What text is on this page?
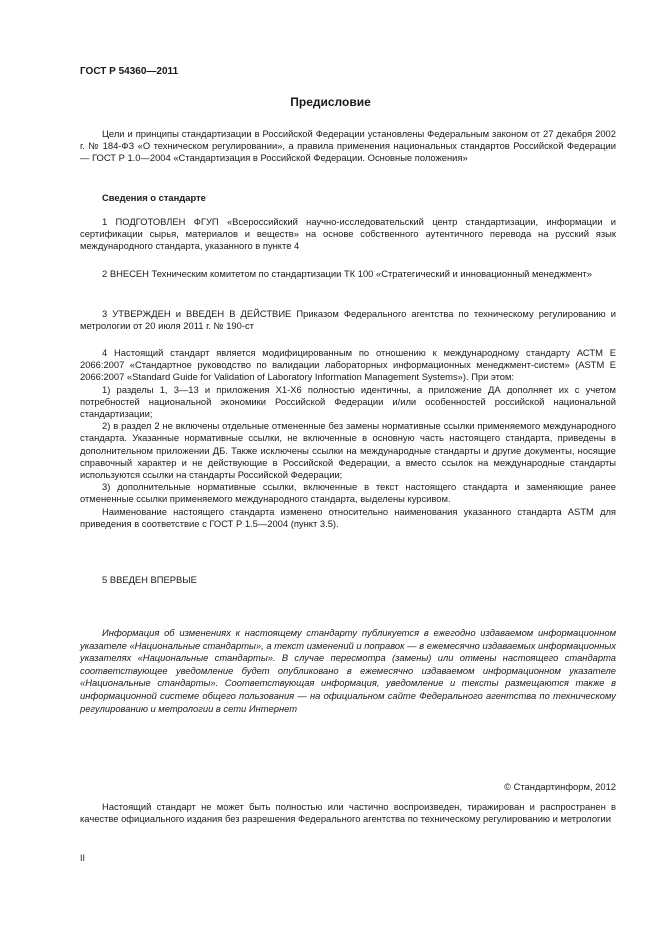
ГОСТ Р 54360—2011
Предисловие

Цели и принципы стандартизации в Российской Федерации установлены Федеральным законом от 27 декабря 2002 г. № 184-ФЗ «О техническом регулировании», а правила применения национальных стандартов Российской Федерации — ГОСТ Р 1.0—2004 «Стандартизация в Российской Федерации. Основные положения»

Сведения о стандарте

1 ПОДГОТОВЛЕН ФГУП «Всероссийский научно-исследовательский центр стандартизации, информации и сертификации сырья, материалов и веществ» на основе собственного аутентичного перевода на русский язык международного стандарта, указанного в пункте 4

2 ВНЕСЕН Техническим комитетом по стандартизации ТК 100 «Стратегический и инновационный менеджмент»

3 УТВЕРЖДЕН и ВВЕДЕН В ДЕЙСТВИЕ Приказом Федерального агентства по техническому регулированию и метрологии от 20 июля 2011 г. № 190-ст

4 Настоящий стандарт является модифицированным по отношению к международному стандарту АСТМ Е 2066:2007 «Стандартное руководство по валидации лабораторных информационных менеджмент-систем» (ASTM E 2066:2007 «Standard Guide for Validation of Laboratory Information Management Systems»). При этом:

1) разделы 1, 3—13 и приложения Х1-Х6 полностью идентичны, а приложение ДА дополняет их с учетом потребностей национальной экономики Российской Федерации и/или особенностей российской национальной стандартизации;

2) в раздел 2 не включены отдельные отмененные без замены нормативные ссылки применяемого международного стандарта. Указанные нормативные ссылки, не включенные в основную часть настоящего стандарта, приведены в дополнительном приложении ДБ. Также исключены ссылки на международные стандарты и другие документы, носящие справочный характер и не действующие в Российской Федерации, а вместо ссылок на международные стандарты используются ссылки на стандарты Российской Федерации;

3) дополнительные нормативные ссылки, включенные в текст настоящего стандарта и заменяющие ранее отмененные ссылки применяемого международного стандарта, выделены курсивом.

Наименование настоящего стандарта изменено относительно наименования указанного стандарта ASTM для приведения в соответствие с ГОСТ Р 1.5—2004 (пункт 3.5).

5 ВВЕДЕН ВПЕРВЫЕ

Информация об изменениях к настоящему стандарту публикуется в ежегодно издаваемом информационном указателе «Национальные стандарты», а текст изменений и поправок — в ежемесячно издаваемых информационных указателях «Национальные стандарты». В случае пересмотра (замены) или отмены настоящего стандарта соответствующее уведомление будет опубликовано в ежемесячно издаваемом информационном указателе «Национальные стандарты». Соответствующая информация, уведомление и тексты размещаются также в информационной системе общего пользования — на официальном сайте Федерального агентства по техническому регулированию и метрологии в сети Интернет

© Стандартинформ, 2012

Настоящий стандарт не может быть полностью или частично воспроизведен, тиражирован и распространен в качестве официального издания без разрешения Федерального агентства по техническому регулированию и метрологии

II
